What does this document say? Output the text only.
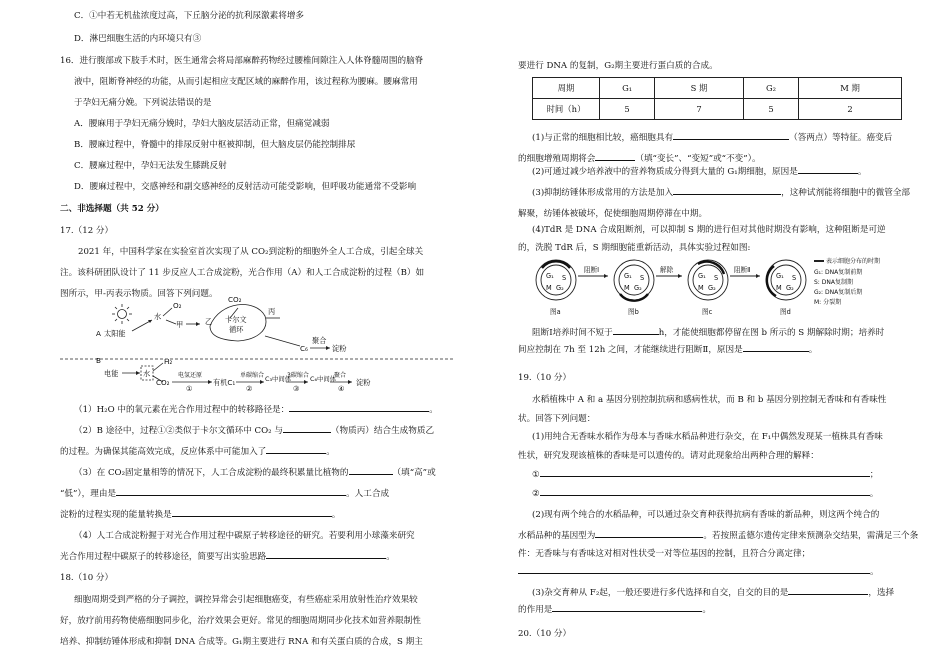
C．①中若无机盐浓度过高，下丘脑分泌的抗利尿激素将增多
D．淋巴细胞生活的内环境只有③
16．进行腹部或下肢手术时，医生通常会将局部麻醉药物经过腰椎间隙注入人体脊髓周围的脑脊
液中，阻断脊神经的功能，从而引起相应支配区域的麻醉作用，该过程称为腰麻。腰麻常用
于孕妇无痛分娩。下列说法错误的是
A．腰麻用于孕妇无痛分娩时，孕妇大脑皮层活动正常，但痛觉减弱
B．腰麻过程中，脊髓中的排尿反射中枢被抑制，但大脑皮层仍能控制排尿
C．腰麻过程中，孕妇无法发生膝跳反射
D．腰麻过程中，交感神经和副交感神经的反射活动可能受影响，但呼吸功能通常不受影响
二、非选择题（共 52 分）
17.（12 分）
2021 年，中国科学家在实验室首次实现了从 CO₂到淀粉的细胞外全人工合成，引起全球关
注。该科研团队设计了 11 步反应人工合成淀粉，光合作用（A）和人工合成淀粉的过程（B）如
图所示，甲-丙表示物质。回答下列问题。
A 太阳能
水
O₂
甲	乙
CO₂
卡尔文
循环
丙
聚合
C₆	淀粉
B
电能	水
H₂
CO₂
电氢还原
①
有机C₁
单碳缩合
②
C₃中间体
3碳缩合
③
C₆中间体
聚合
④
淀粉
（1）H₂O 中的氧元素在光合作用过程中的转移路径是：	。
（2）B 途径中，过程①②类似于卡尔文循环中 CO₂ 与	（物质丙）结合生成物质乙
的过程。为确保其能高效完成，反应体系中可能加入了	。
（3）在 CO₂固定量相等的情况下，人工合成淀粉的最终积累量比植物的	（填“高”或
“低”），理由是	。人工合成
淀粉的过程实现的能量转换是	。
（4）人工合成淀粉握于对光合作用过程中碳原子转移途径的研究。若要利用小球藻来研究
光合作用过程中碳原子的转移途径，简要写出实验思路	。
18.（10 分）
细胞周期受到严格的分子调控，调控异常会引起细胞癌变，有些癌症采用放射性治疗效果较
好，放疗前用药物使癌细胞同步化，治疗效果会更好。常见的细胞周期同步化技术如营养限制性
培养、抑制纺锤体形成和抑制 DNA 合成等。G₁期主要进行 RNA 和有关蛋白质的合成，S 期主
要进行 DNA 的复制，G₂期主要进行蛋白质的合成。
周期	G₁	S 期	G₂	M 期
时间（h）	5	7	5	2
(1)与正常的细胞相比较，癌细胞具有	（答两点）等特征。癌变后
的细胞增殖周期将会	（填“变长”、“变短”或“不变”）。
(2)可通过减少培养液中的营养物质成分得到大量的 G₁期细胞，原因是	。
(3)抑制纺锤体形成常用的方法是加入	，这种试剂能将细胞中的微管全部
解聚，纺锤体被破坏，促使细胞周期停滞在中期。
(4)TdR 是 DNA 合成阻断剂，可以抑制 S 期的进行但对其他时期没有影响，这种阻断是可逆
的，洗脱 TdR 后，S 期细胞能重新活动，具体实验过程如图:
阻断Ⅰ	解除	阻断Ⅱ
G₁ S
M G₂
G₁ S
M G₂
G₁ S
M G₂
G₁ S
M G₂
图a	图b	图c	图d
表示细胞分布的时期
G₁: DNA复制前期
S: DNA复制期
G₂: DNA复制后期
M: 分裂期
阻断Ⅰ培养时间不短于	h，才能使细胞都停留在图 b 所示的 S 期解除时期；培养时
间应控制在 7h 至 12h 之间，才能继续进行阻断Ⅱ，原因是	。
19.（10 分）
水稻植株中 A 和 a 基因分别控制抗病和感病性状，而 B 和 b 基因分别控制无香味和有香味性
状。回答下列问题：
(1)用纯合无香味水稻作为母本与香味水稻品种进行杂交，在 F₁中偶然发现某一植株具有香味
性状，研究发现该植株的香味是可以遗传的。请对此现象给出两种合理的解释：
①	；
②	。
(2)现有两个纯合的水稻品种，可以通过杂交育种获得抗病有香味的新品种，则这两个纯合的
水稻品种的基因型为	。若按照孟德尔遗传定律来预测杂交结果，需满足三个条
件：无香味与有香味这对相对性状受一对等位基因的控制，且符合分离定律；
。
(3)杂交育种从 F₂起，一般还要进行多代选择和自交，自交的目的是	，选择
的作用是	。
20.（10 分）
